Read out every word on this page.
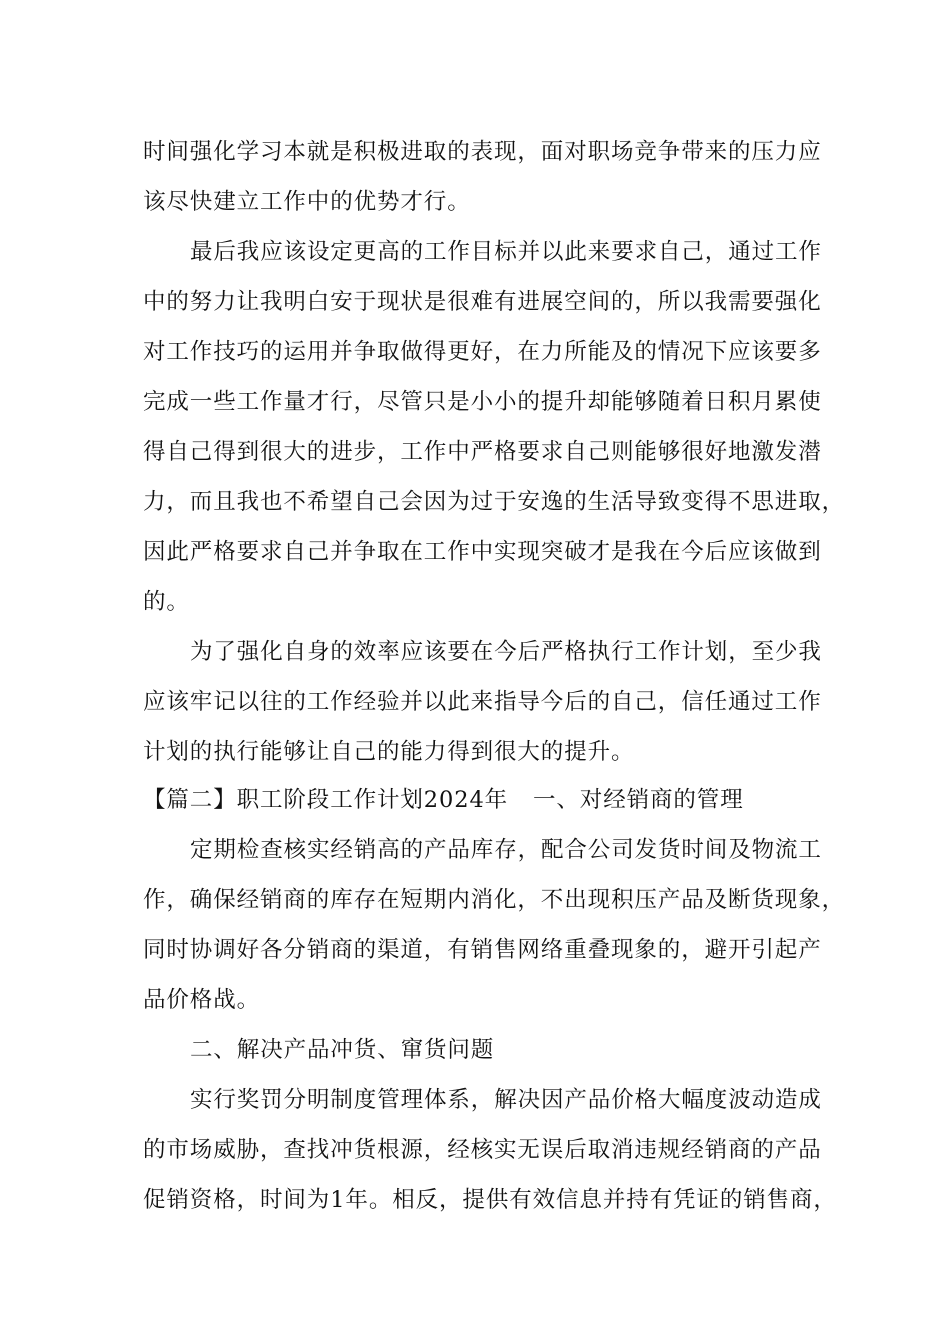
时间强化学习本就是积极进取的表现，面对职场竞争带来的压力应
该尽快建立工作中的优势才行。
最后我应该设定更高的工作目标并以此来要求自己，通过工作
中的努力让我明白安于现状是很难有进展空间的，所以我需要强化
对工作技巧的运用并争取做得更好，在力所能及的情况下应该要多
完成一些工作量才行，尽管只是小小的提升却能够随着日积月累使
得自己得到很大的进步，工作中严格要求自己则能够很好地激发潜
力，而且我也不希望自己会因为过于安逸的生活导致变得不思进取，
因此严格要求自己并争取在工作中实现突破才是我在今后应该做到
的。
为了强化自身的效率应该要在今后严格执行工作计划，至少我
应该牢记以往的工作经验并以此来指导今后的自己，信任通过工作
计划的执行能够让自己的能力得到很大的提升。
【篇二】职工阶段工作计划2024年	一、对经销商的管理
定期检查核实经销高的产品库存，配合公司发货时间及物流工
作，确保经销商的库存在短期内消化，不出现积压产品及断货现象，
同时协调好各分销商的渠道，有销售网络重叠现象的，避开引起产
品价格战。
二、解决产品冲货、窜货问题
实行奖罚分明制度管理体系，解决因产品价格大幅度波动造成
的市场威胁，查找冲货根源，经核实无误后取消违规经销商的产品
促销资格，时间为1年。相反，提供有效信息并持有凭证的销售商，
